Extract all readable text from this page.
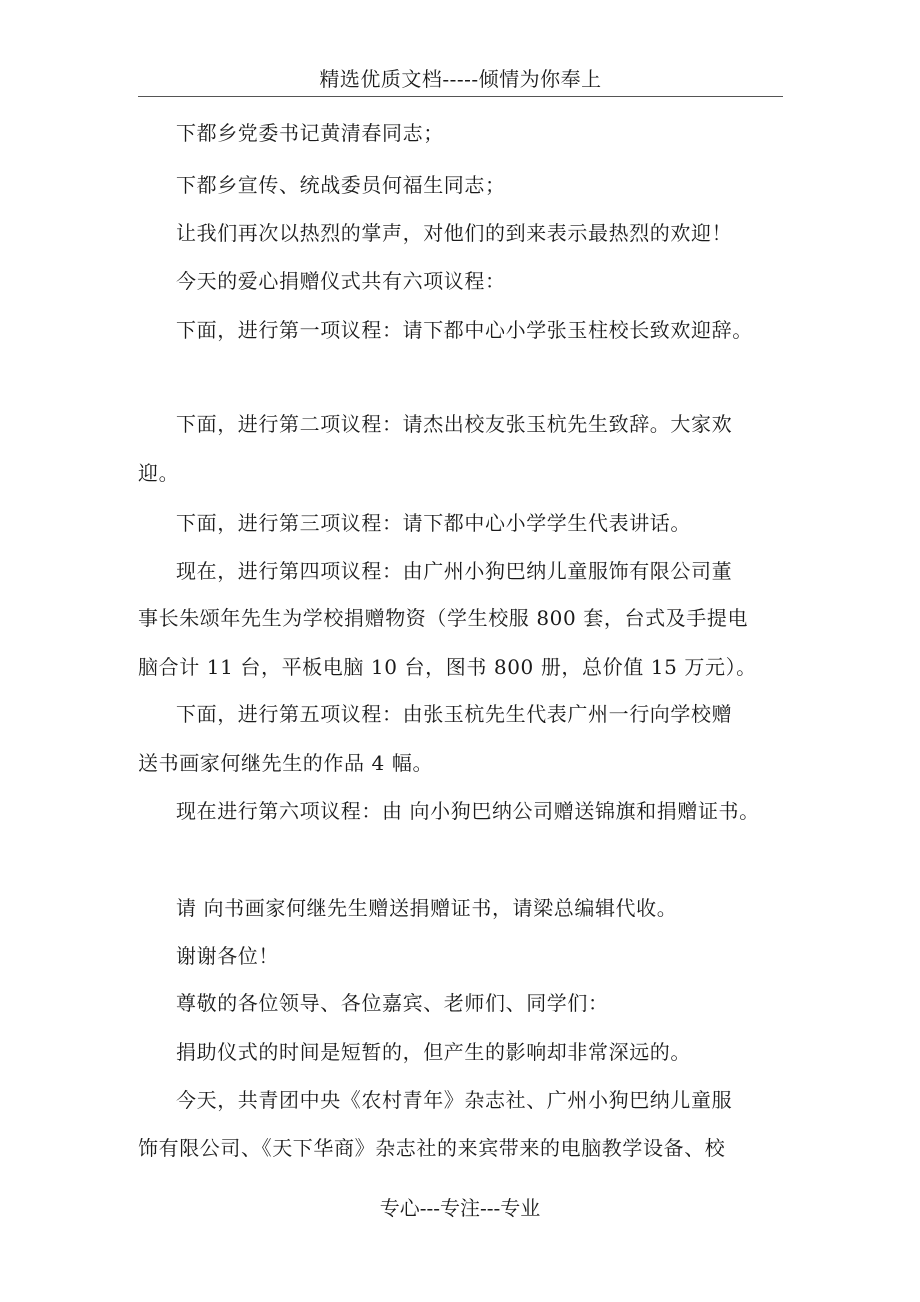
精选优质文档-----倾情为你奉上
下都乡党委书记黄清春同志；
下都乡宣传、统战委员何福生同志；
让我们再次以热烈的掌声，对他们的到来表示最热烈的欢迎！
今天的爱心捐赠仪式共有六项议程：
下面，进行第一项议程：请下都中心小学张玉柱校长致欢迎辞。
下面，进行第二项议程：请杰出校友张玉杭先生致辞。大家欢
迎。
下面，进行第三项议程：请下都中心小学学生代表讲话。
现在，进行第四项议程：由广州小狗巴纳儿童服饰有限公司董
事长朱颂年先生为学校捐赠物资（学生校服 800 套，台式及手提电
脑合计 11 台，平板电脑 10 台，图书 800 册，总价值 15 万元）。
下面，进行第五项议程：由张玉杭先生代表广州一行向学校赠
送书画家何继先生的作品 4 幅。
现在进行第六项议程：由 向小狗巴纳公司赠送锦旗和捐赠证书。
请 向书画家何继先生赠送捐赠证书，请梁总编辑代收。
谢谢各位！
尊敬的各位领导、各位嘉宾、老师们、同学们：
捐助仪式的时间是短暂的，但产生的影响却非常深远的。
今天，共青团中央《农村青年》杂志社、广州小狗巴纳儿童服
饰有限公司、《天下华商》杂志社的来宾带来的电脑教学设备、校
专心---专注---专业
